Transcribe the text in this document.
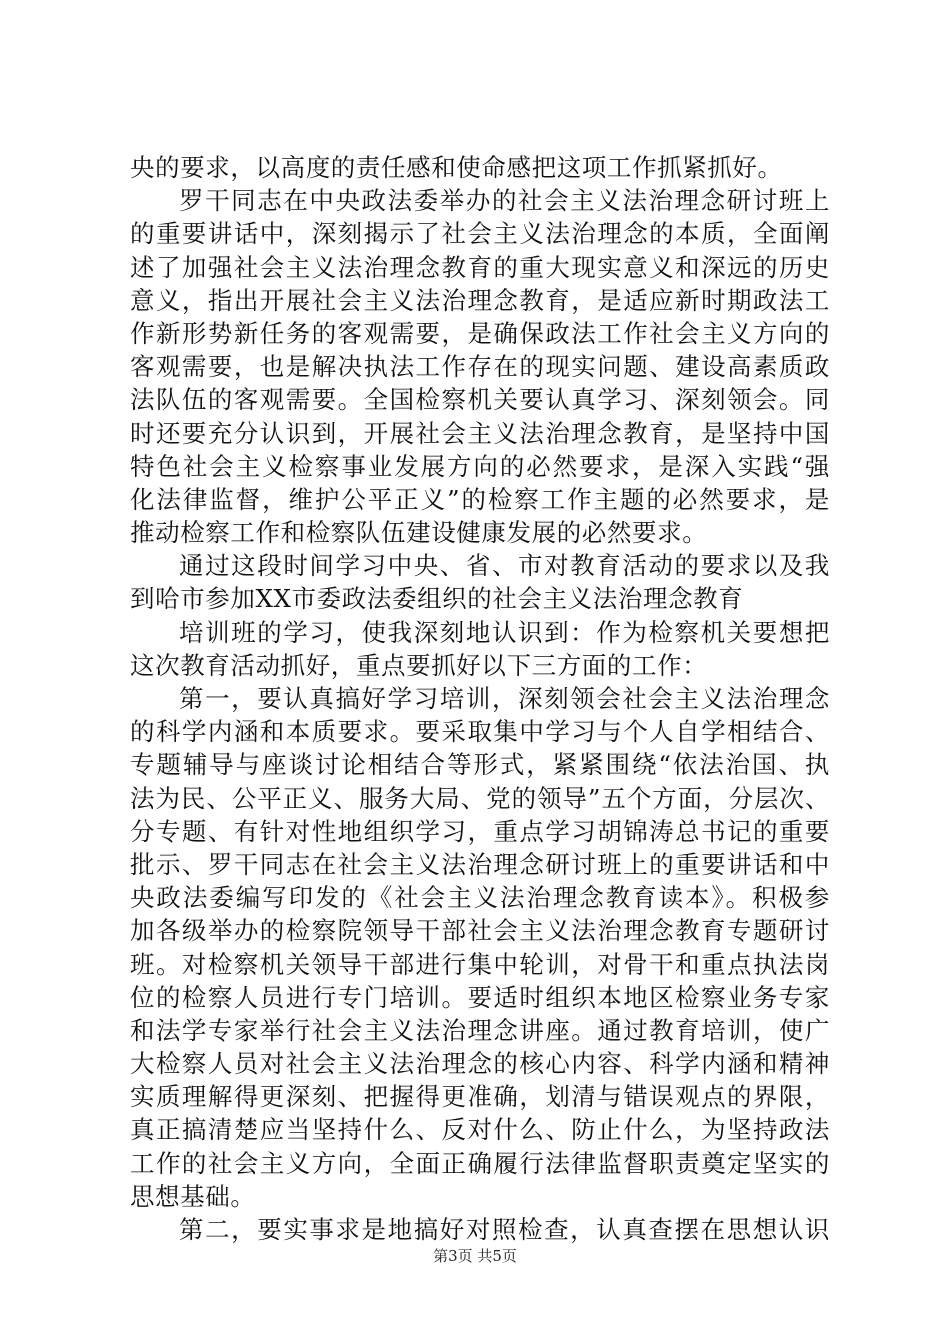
央的要求，以高度的责任感和使命感把这项工作抓紧抓好。
罗干同志在中央政法委举办的社会主义法治理念研讨班上
的重要讲话中，深刻揭示了社会主义法治理念的本质，全面阐
述了加强社会主义法治理念教育的重大现实意义和深远的历史
意义，指出开展社会主义法治理念教育，是适应新时期政法工
作新形势新任务的客观需要，是确保政法工作社会主义方向的
客观需要，也是解决执法工作存在的现实问题、建设高素质政
法队伍的客观需要。全国检察机关要认真学习、深刻领会。同
时还要充分认识到，开展社会主义法治理念教育，是坚持中国
特色社会主义检察事业发展方向的必然要求，是深入实践“强
化法律监督，维护公平正义”的检察工作主题的必然要求，是
推动检察工作和检察队伍建设健康发展的必然要求。
通过这段时间学习中央、省、市对教育活动的要求以及我
到哈市参加XX市委政法委组织的社会主义法治理念教育
培训班的学习，使我深刻地认识到：作为检察机关要想把
这次教育活动抓好，重点要抓好以下三方面的工作：
第一，要认真搞好学习培训，深刻领会社会主义法治理念
的科学内涵和本质要求。要采取集中学习与个人自学相结合、
专题辅导与座谈讨论相结合等形式，紧紧围绕“依法治国、执
法为民、公平正义、服务大局、党的领导”五个方面，分层次、
分专题、有针对性地组织学习，重点学习胡锦涛总书记的重要
批示、罗干同志在社会主义法治理念研讨班上的重要讲话和中
央政法委编写印发的《社会主义法治理念教育读本》。积极参
加各级举办的检察院领导干部社会主义法治理念教育专题研讨
班。对检察机关领导干部进行集中轮训，对骨干和重点执法岗
位的检察人员进行专门培训。要适时组织本地区检察业务专家
和法学专家举行社会主义法治理念讲座。通过教育培训，使广
大检察人员对社会主义法治理念的核心内容、科学内涵和精神
实质理解得更深刻、把握得更准确，划清与错误观点的界限，
真正搞清楚应当坚持什么、反对什么、防止什么，为坚持政法
工作的社会主义方向，全面正确履行法律监督职责奠定坚实的
思想基础。
第二，要实事求是地搞好对照检查，认真查摆在思想认识
第3页 共5页
